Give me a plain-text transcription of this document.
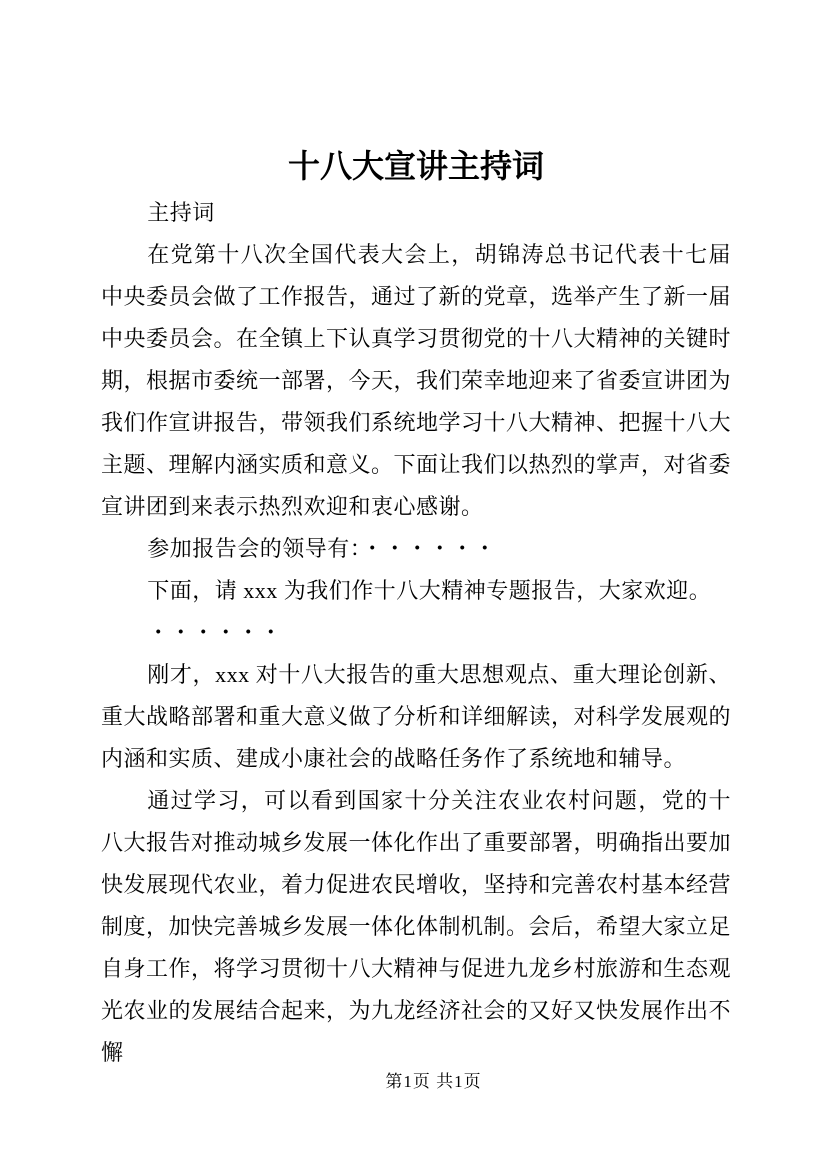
十八大宣讲主持词

主持词

在党第十八次全国代表大会上，胡锦涛总书记代表十七届中央委员会做了工作报告，通过了新的党章，选举产生了新一届中央委员会。在全镇上下认真学习贯彻党的十八大精神的关键时期，根据市委统一部署，今天，我们荣幸地迎来了省委宣讲团为我们作宣讲报告，带领我们系统地学习十八大精神、把握十八大主题、理解内涵实质和意义。下面让我们以热烈的掌声，对省委宣讲团到来表示热烈欢迎和衷心感谢。

参加报告会的领导有：・・・・・・

下面，请 xxx 为我们作十八大精神专题报告，大家欢迎。

・・・・・・

刚才，xxx 对十八大报告的重大思想观点、重大理论创新、重大战略部署和重大意义做了分析和详细解读，对科学发展观的内涵和实质、建成小康社会的战略任务作了系统地和辅导。

通过学习，可以看到国家十分关注农业农村问题，党的十八大报告对推动城乡发展一体化作出了重要部署，明确指出要加快发展现代农业，着力促进农民增收，坚持和完善农村基本经营制度，加快完善城乡发展一体化体制机制。会后，希望大家立足自身工作，将学习贯彻十八大精神与促进九龙乡村旅游和生态观光农业的发展结合起来，为九龙经济社会的又好又快发展作出不懈

第1页 共1页
